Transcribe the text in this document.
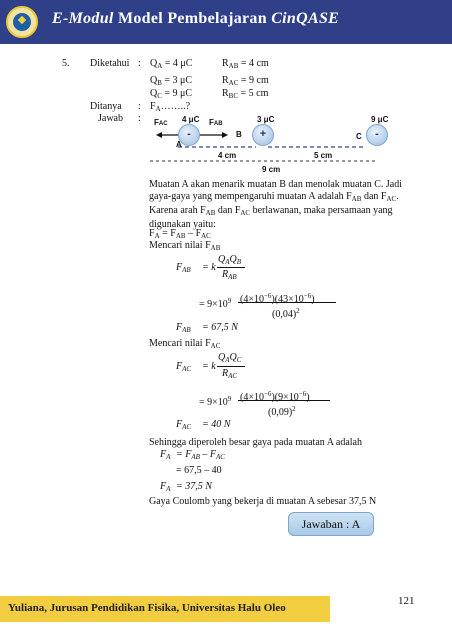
E-Modul Model Pembelajaran CinQASE
5. Diketahui : $Q_A = 4$ μC	$R_{AB} = 4$ cm
$Q_B = 3$ μC	$R_{AC} = 9$ cm
$Q_C = 9$ μC	$R_{BC} = 5$ cm
Ditanya : $F_A\dots\dots$..?
Jawab : FAC 4 μC FAB	3 μC	9 μC
-	+	-
A
B	C
4 cm	5 cm
9 cm
Muatan A akan menarik muatan B dan menolak muatan C. Jadi gaya-gaya yang mempengaruhi muatan A adalah $F_{AB}$ dan $F_{AC}$. Karena arah $F_{AB}$ dan $F_{AC}$ berlawanan, maka persamaan yang digunakan yaitu:
$F_A = F_{AB} - F_{AC}$
Mencari nilai $F_{AB}$
$F_{AB} = k$
$Q_AQ_B$
$R_{AB}$
= $9\times 10^9$ $(4\times 10^{-6})(43\times 10^{-6})$
$(0,04)^2$
$F_{AB} = 67,5$ N
Mencari nilai $F_{AC}$
$F_{AC} = k$
$Q_AQ_C$
$R_{AC}$
= $9\times 10^9$ $(4\times 10^{-6})(9\times 10^{-6})$
$(0,09)^2$
$F_{AC} = 40$ N
Sehingga diperoleh besar gaya pada muatan A adalah
$F_A = F_{AB} - F_{AC}$
= 67,5 – 40
$F_A = 37,5$ N
Gaya Coulomb yang bekerja di muatan A sebesar 37,5 N
Jawaban : A
121
Yuliana, Jurusan Pendidikan Fisika, Universitas Halu Oleo
